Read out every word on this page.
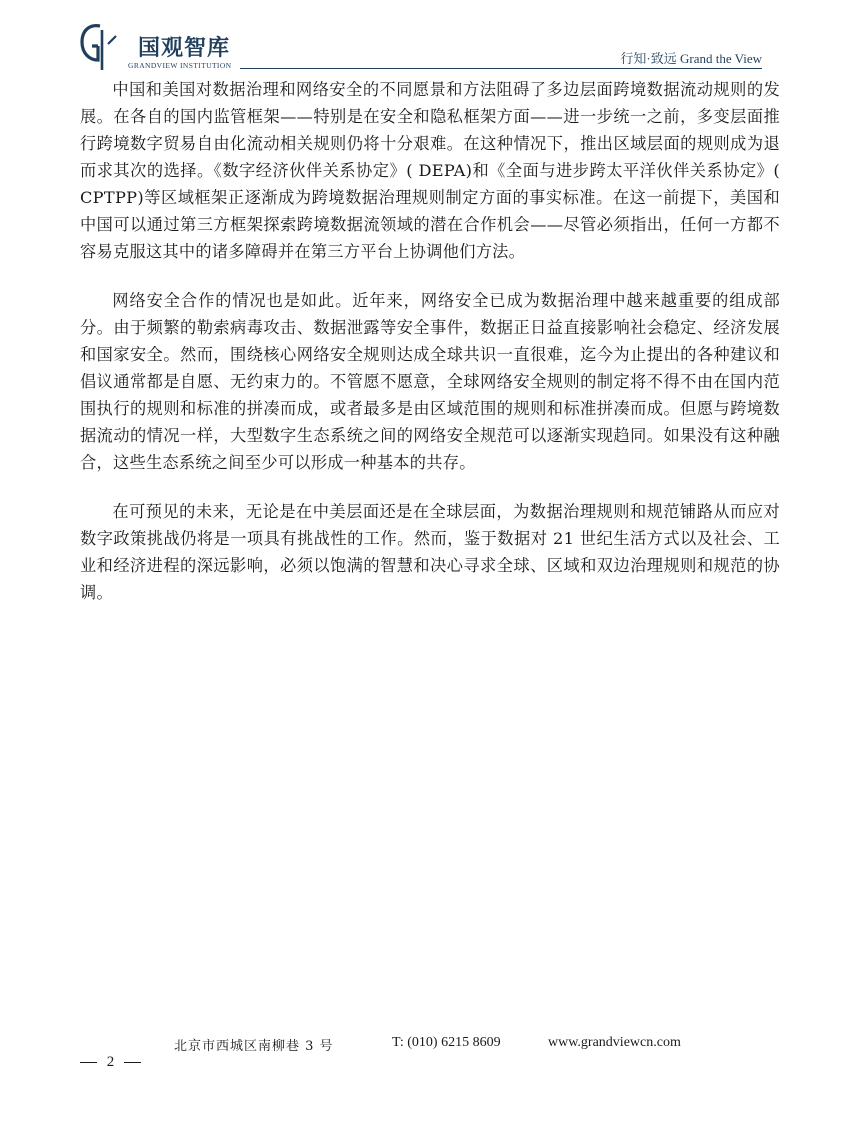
国观智库
GRANDVIEW INSTITUTION	行知·致远 Grand the View

中国和美国对数据治理和网络安全的不同愿景和方法阻碍了多边层面跨境数据流动规则的发展。在各自的国内监管框架——特别是在安全和隐私框架方面——进一步统一之前，多变层面推行跨境数字贸易自由化流动相关规则仍将十分艰难。在这种情况下，推出区域层面的规则成为退而求其次的选择。《数字经济伙伴关系协定》( DEPA)和《全面与进步跨太平洋伙伴关系协定》( CPTPP)等区域框架正逐渐成为跨境数据治理规则制定方面的事实标准。在这一前提下，美国和中国可以通过第三方框架探索跨境数据流领域的潜在合作机会——尽管必须指出，任何一方都不容易克服这其中的诸多障碍并在第三方平台上协调他们方法。

网络安全合作的情况也是如此。近年来，网络安全已成为数据治理中越来越重要的组成部分。由于频繁的勒索病毒攻击、数据泄露等安全事件，数据正日益直接影响社会稳定、经济发展和国家安全。然而，围绕核心网络安全规则达成全球共识一直很难，迄今为止提出的各种建议和倡议通常都是自愿、无约束力的。不管愿不愿意，全球网络安全规则的制定将不得不由在国内范围执行的规则和标准的拼凑而成，或者最多是由区域范围的规则和标准拼凑而成。但愿与跨境数据流动的情况一样，大型数字生态系统之间的网络安全规范可以逐渐实现趋同。如果没有这种融合，这些生态系统之间至少可以形成一种基本的共存。

在可预见的未来，无论是在中美层面还是在全球层面，为数据治理规则和规范铺路从而应对数字政策挑战仍将是一项具有挑战性的工作。然而，鉴于数据对 21 世纪生活方式以及社会、工业和经济进程的深远影响，必须以饱满的智慧和决心寻求全球、区域和双边治理规则和规范的协调。

北京市西城区南柳巷 3 号	T: (010) 6215 8609	www.grandviewcn.com
2
